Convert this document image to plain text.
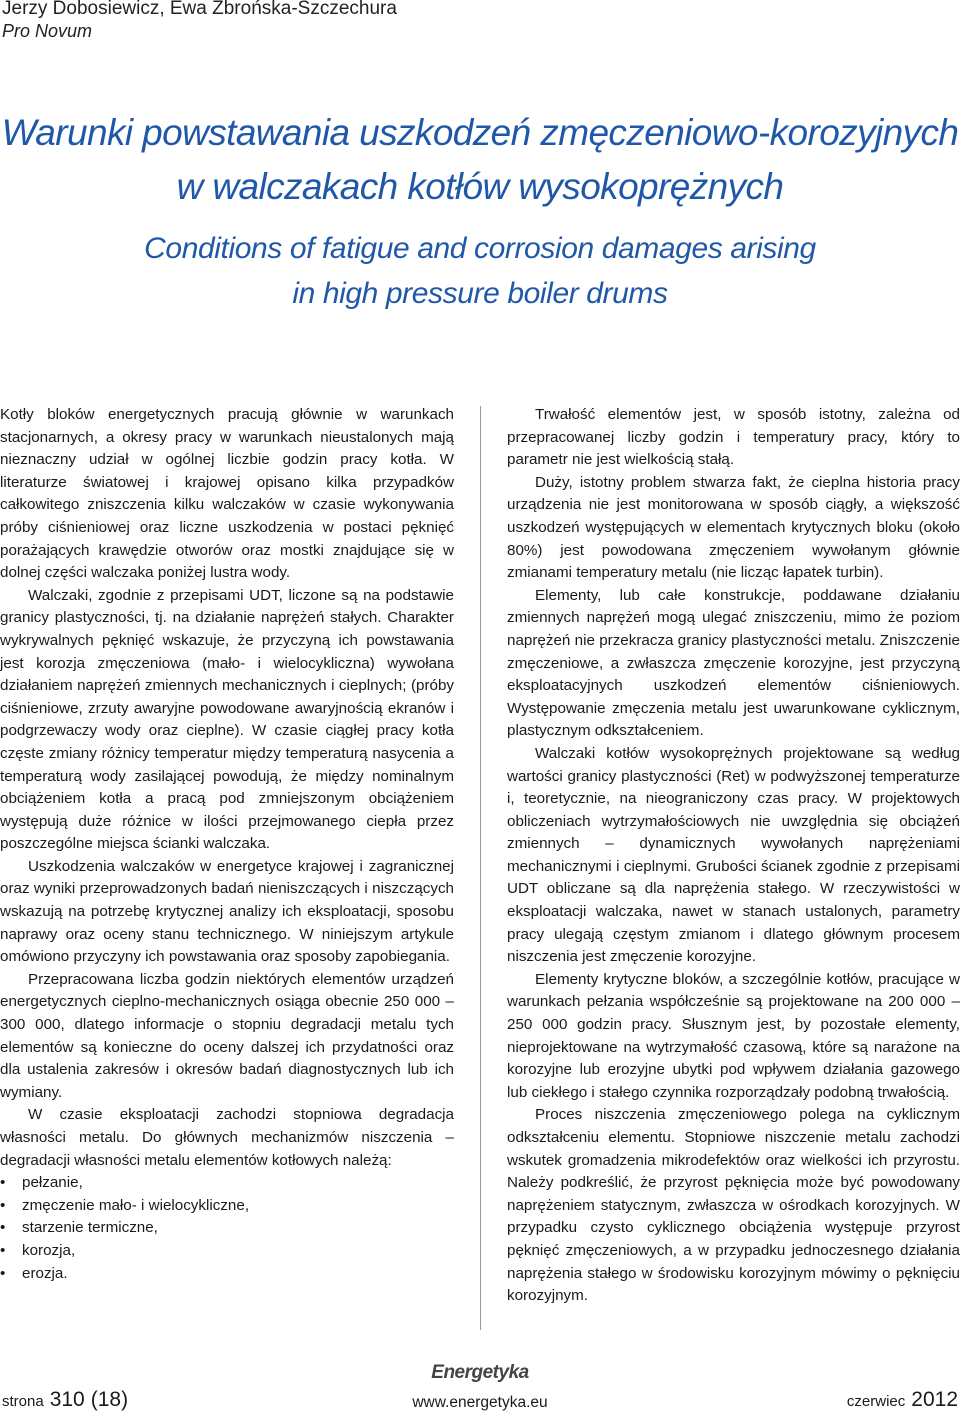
Jerzy Dobosiewicz, Ewa Zbrońska-Szczechura
Pro Novum
Warunki powstawania uszkodzeń zmęczeniowo-korozyjnych
w walczakach kotłów wysokoprężnych
Conditions of fatigue and corrosion damages arising
in high pressure boiler drums

Kotły bloków energetycznych pracują głównie w warunkach stacjonarnych, a okresy pracy w warunkach nieustalonych mają nieznaczny udział w ogólnej liczbie godzin pracy kotła. W literaturze światowej i krajowej opisano kilka przypadków całkowitego zniszczenia kilku walczaków w czasie wykonywania próby ciśnieniowej oraz liczne uszkodzenia w postaci pęknięć porażających krawędzie otworów oraz mostki znajdujące się w dolnej części walczaka poniżej lustra wody.

Walczaki, zgodnie z przepisami UDT, liczone są na podstawie granicy plastyczności, tj. na działanie naprężeń stałych. Charakter wykrywalnych pęknięć wskazuje, że przyczyną ich powstawania jest korozja zmęczeniowa (mało- i wielocykliczna) wywołana działaniem naprężeń zmiennych mechanicznych i cieplnych; (próby ciśnieniowe, zrzuty awaryjne powodowane awaryjnością ekranów i podgrzewaczy wody oraz cieplne). W czasie ciągłej pracy kotła częste zmiany różnicy temperatur między temperaturą nasycenia a temperaturą wody zasilającej powodują, że między nominalnym obciążeniem kotła a pracą pod zmniejszonym obciążeniem występują duże różnice w ilości przejmowanego ciepła przez poszczególne miejsca ścianki walczaka.

Uszkodzenia walczaków w energetyce krajowej i zagranicznej oraz wyniki przeprowadzonych badań nieniszczących i niszczących wskazują na potrzebę krytycznej analizy ich eksploatacji, sposobu naprawy oraz oceny stanu technicznego. W niniejszym artykule omówiono przyczyny ich powstawania oraz sposoby zapobiegania.

Przepracowana liczba godzin niektórych elementów urządzeń energetycznych cieplno-mechanicznych osiąga obecnie 250 000 – 300 000, dlatego informacje o stopniu degradacji metalu tych elementów są konieczne do oceny dalszej ich przydatności oraz dla ustalenia zakresów i okresów badań diagnostycznych lub ich wymiany.

W czasie eksploatacji zachodzi stopniowa degradacja własności metalu. Do głównych mechanizmów niszczenia – degradacji własności metalu elementów kotłowych należą:

• pełzanie,
• zmęczenie mało- i wielocykliczne,
• starzenie termiczne,
• korozja,
• erozja.

Trwałość elementów jest, w sposób istotny, zależna od przepracowanej liczby godzin i temperatury pracy, który to parametr nie jest wielkością stałą.

Duży, istotny problem stwarza fakt, że cieplna historia pracy urządzenia nie jest monitorowana w sposób ciągły, a większość uszkodzeń występujących w elementach krytycznych bloku (około 80%) jest powodowana zmęczeniem wywołanym głównie zmianami temperatury metalu (nie licząc łapatek turbin).

Elementy, lub całe konstrukcje, poddawane działaniu zmiennych naprężeń mogą ulegać zniszczeniu, mimo że poziom naprężeń nie przekracza granicy plastyczności metalu. Zniszczenie zmęczeniowe, a zwłaszcza zmęczenie korozyjne, jest przyczyną eksploatacyjnych uszkodzeń elementów ciśnieniowych. Występowanie zmęczenia metalu jest uwarunkowane cyklicznym, plastycznym odkształceniem.

Walczaki kotłów wysokoprężnych projektowane są według wartości granicy plastyczności (Ret) w podwyższonej temperaturze i, teoretycznie, na nieograniczony czas pracy. W projektowych obliczeniach wytrzymałościowych nie uwzględnia się obciążeń zmiennych – dynamicznych wywołanych naprężeniami mechanicznymi i cieplnymi. Grubości ścianek zgodnie z przepisami UDT obliczane są dla naprężenia stałego. W rzeczywistości w eksploatacji walczaka, nawet w stanach ustalonych, parametry pracy ulegają częstym zmianom i dlatego głównym procesem niszczenia jest zmęczenie korozyjne.

Elementy krytyczne bloków, a szczególnie kotłów, pracujące w warunkach pełzania współcześnie są projektowane na 200 000 – 250 000 godzin pracy. Słusznym jest, by pozostałe elementy, nieprojektowane na wytrzymałość czasową, które są narażone na korozyjne lub erozyjne ubytki pod wpływem działania gazowego lub ciekłego i stałego czynnika rozporządzały podobną trwałością.

Proces niszczenia zmęczeniowego polega na cyklicznym odkształceniu elementu. Stopniowe niszczenie metalu zachodzi wskutek gromadzenia mikrodefektów oraz wielkości ich przyrostu. Należy podkreślić, że przyrost pęknięcia może być powodowany naprężeniem statycznym, zwłaszcza w ośrodkach korozyjnych. W przypadku czysto cyklicznego obciążenia występuje przyrost pęknięć zmęczeniowych, a w przypadku jednoczesnego działania naprężenia stałego w środowisku korozyjnym mówimy o pęknięciu korozyjnym.

strona 310 (18)
Energetyka
www.energetyka.eu	czerwiec 2012
